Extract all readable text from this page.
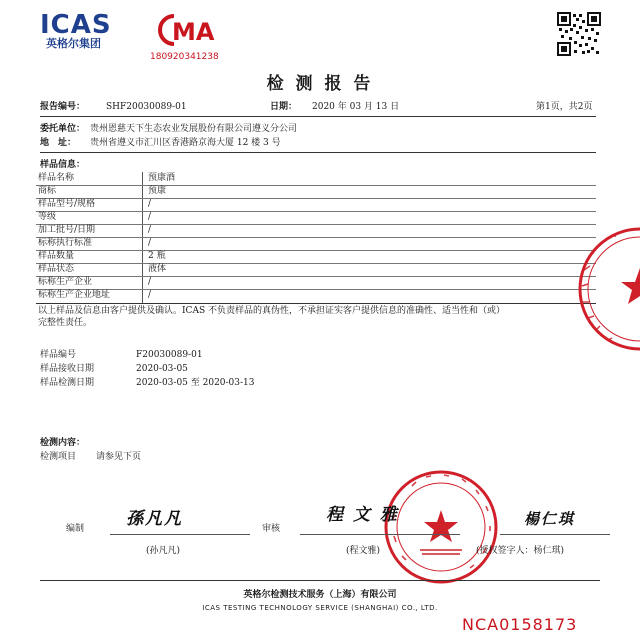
ICAS
英格尔集团	MA
180920341238
检 测 报 告
报告编号： SHF20030089-01	日期： 2020 年 03 月 13 日	第1页，共2页
委托单位： 贵州恩慈天下生态农业发展股份有限公司遵义分公司
地　址： 贵州省遵义市汇川区香港路京海大厦 12 楼 3 号
样品信息：
样品名称	预康酒
商标	预康
样品型号/规格	/
等级	/
加工批号/日期	/
标称执行标准	/
样品数量	2 瓶
样品状态	液体
标称生产企业	/
标称生产企业地址	/
以上样品及信息由客户提供及确认。ICAS 不负责样品的真伪性，不承担证实客户提供信息的准确性、适当性和（或）
完整性责任。
样品编号	F20030089-01
样品接收日期	2020-03-05
样品检测日期	2020-03-05 至 2020-03-13
检测内容：
检测项目 请参见下页
编制 孫凡凡
(孙凡凡)
审核
程 文 雅
(程文雅)
楊仁琪
(授权签字人：杨仁琪)
英格尔检测技术服务（上海）有限公司
ICAS TESTING TECHNOLOGY SERVICE (SHANGHAI) CO., LTD.
NCA0158173
